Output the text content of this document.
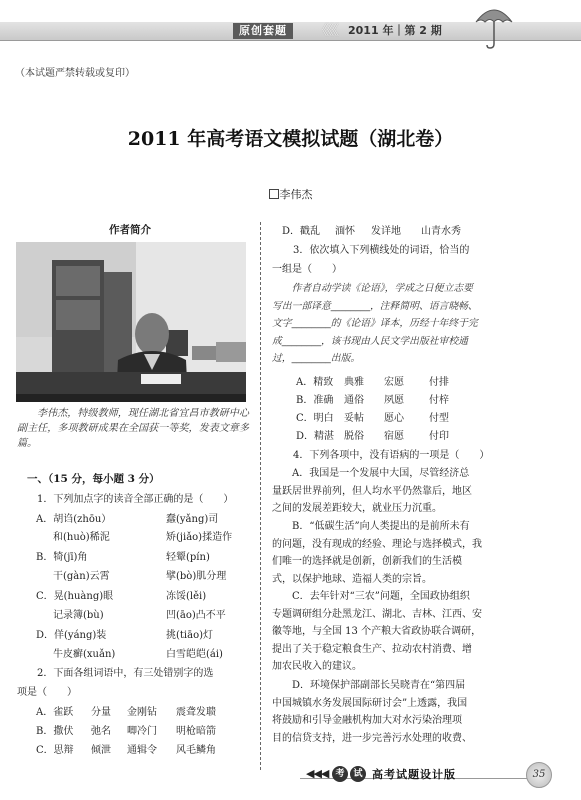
原创套题	《《《 2011 年｜第 2 期
（本试题严禁转载或复印）
2011 年高考语文模拟试题（湖北卷）
李伟杰
作者简介
李伟杰，特级教师，现任湖北省宜昌市教研中心副主任，多项教研成果在全国获一等奖，发表文章多篇。
一、（15 分，每小题 3 分）
1．下列加点字的读音全部正确的是（　　）
A．胡诌(zhōu）	蠢(yǎng)司
和(huò)稀泥	矫(jiǎo)揉造作
B．犄(jī)角	轻颦(pín)
干(gàn)云霄	擘(bò)肌分理
C．晃(huàng)眼	冻馁(lěi)
记录簿(bù)	凹(āo)凸不平
D．佯(yáng)装	挑(tiāo)灯
牛皮癣(xuǎn)	白雪皑皑(ái)
2．下面各组词语中，有三处错别字的选
项是（　　）
A．雀跃 分量 金刚钻 震聋发聩
B．撒伏 弛名 唧冷门 明枪暗箭
C．思辩 倾泄 通辑令 风毛鳞角
D．戳乱 湎怀 发详地 山青水秀
3．依次填入下列横线处的词语，恰当的
一组是（　　）
作者自动学读《论语》，学成之日便立志要
写出一部译意________，注释简明、语言晓畅、
文字________的《论语》译本，历经十年终于完
成________，该书现由人民文学出版社审校通
过，________出版。
A．精致 典雅 宏愿	付排
B．准确 通俗 夙愿	付梓
C．明白 妥帖 愿心	付型
D．精湛 脱俗 宿愿	付印
4．下列各项中，没有语病的一项是（　　）
A．我国是一个发展中大国，尽管经济总
量跃居世界前列，但人均水平仍然靠后，地区
之间的发展差距较大，就业压力沉重。
B．“低碳生活”向人类提出的是前所未有
的问题，没有现成的经验、理论与选择模式，我
们唯一的选择就是创新，创新我们的生活模
式，以保护地球、造福人类的宗旨。
C．去年针对“三农”问题，全国政协组织
专题调研组分赴黑龙江、湖北、吉林、江西、安
徽等地，与全国 13 个产粮大省政协联合调研，
提出了关于稳定粮食生产、拉动农村消费、增
加农民收入的建议。
D．环境保护部副部长吴晓青在“第四届
中国城镇水务发展国际研讨会”上透露，我国
将鼓励和引导金融机构加大对水污染治理项
目的信贷支持，进一步完善污水处理的收费、
◀◀◀ 考 试 高考试题设计版	35
